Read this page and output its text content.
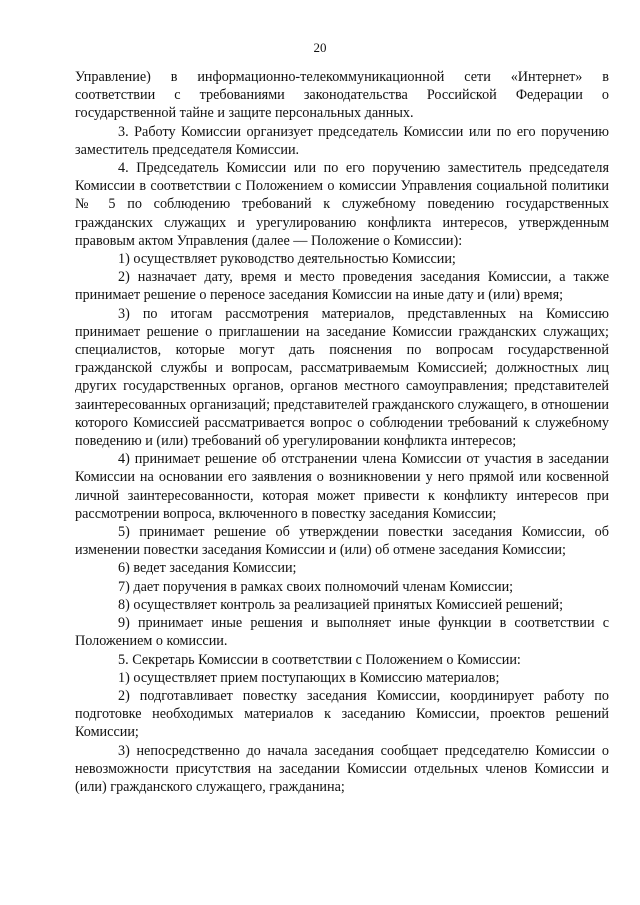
20

Управление) в информационно-телекоммуникационной сети «Интернет» в соответствии с требованиями законодательства Российской Федерации о государственной тайне и защите персональных данных.

3. Работу Комиссии организует председатель Комиссии или по его поручению заместитель председателя Комиссии.

4. Председатель Комиссии или по его поручению заместитель председателя Комиссии в соответствии с Положением о комиссии Управления социальной политики № 5 по соблюдению требований к служебному поведению государственных гражданских служащих и урегулированию конфликта интересов, утвержденным правовым актом Управления (далее — Положение о Комиссии):

1) осуществляет руководство деятельностью Комиссии;

2) назначает дату, время и место проведения заседания Комиссии, а также принимает решение о переносе заседания Комиссии на иные дату и (или) время;

3) по итогам рассмотрения материалов, представленных на Комиссию принимает решение о приглашении на заседание Комиссии гражданских служащих; специалистов, которые могут дать пояснения по вопросам государственной гражданской службы и вопросам, рассматриваемым Комиссией; должностных лиц других государственных органов, органов местного самоуправления; представителей заинтересованных организаций; представителей гражданского служащего, в отношении которого Комиссией рассматривается вопрос о соблюдении требований к служебному поведению и (или) требований об урегулировании конфликта интересов;

4) принимает решение об отстранении члена Комиссии от участия в заседании Комиссии на основании его заявления о возникновении у него прямой или косвенной личной заинтересованности, которая может привести к конфликту интересов при рассмотрении вопроса, включенного в повестку заседания Комиссии;

5) принимает решение об утверждении повестки заседания Комиссии, об изменении повестки заседания Комиссии и (или) об отмене заседания Комиссии;

6) ведет заседания Комиссии;

7) дает поручения в рамках своих полномочий членам Комиссии;

8) осуществляет контроль за реализацией принятых Комиссией решений;

9) принимает иные решения и выполняет иные функции в соответствии с Положением о комиссии.

5. Секретарь Комиссии в соответствии с Положением о Комиссии:

1) осуществляет прием поступающих в Комиссию материалов;

2) подготавливает повестку заседания Комиссии, координирует работу по подготовке необходимых материалов к заседанию Комиссии, проектов решений Комиссии;

3) непосредственно до начала заседания сообщает председателю Комиссии о невозможности присутствия на заседании Комиссии отдельных членов Комиссии и (или) гражданского служащего, гражданина;
